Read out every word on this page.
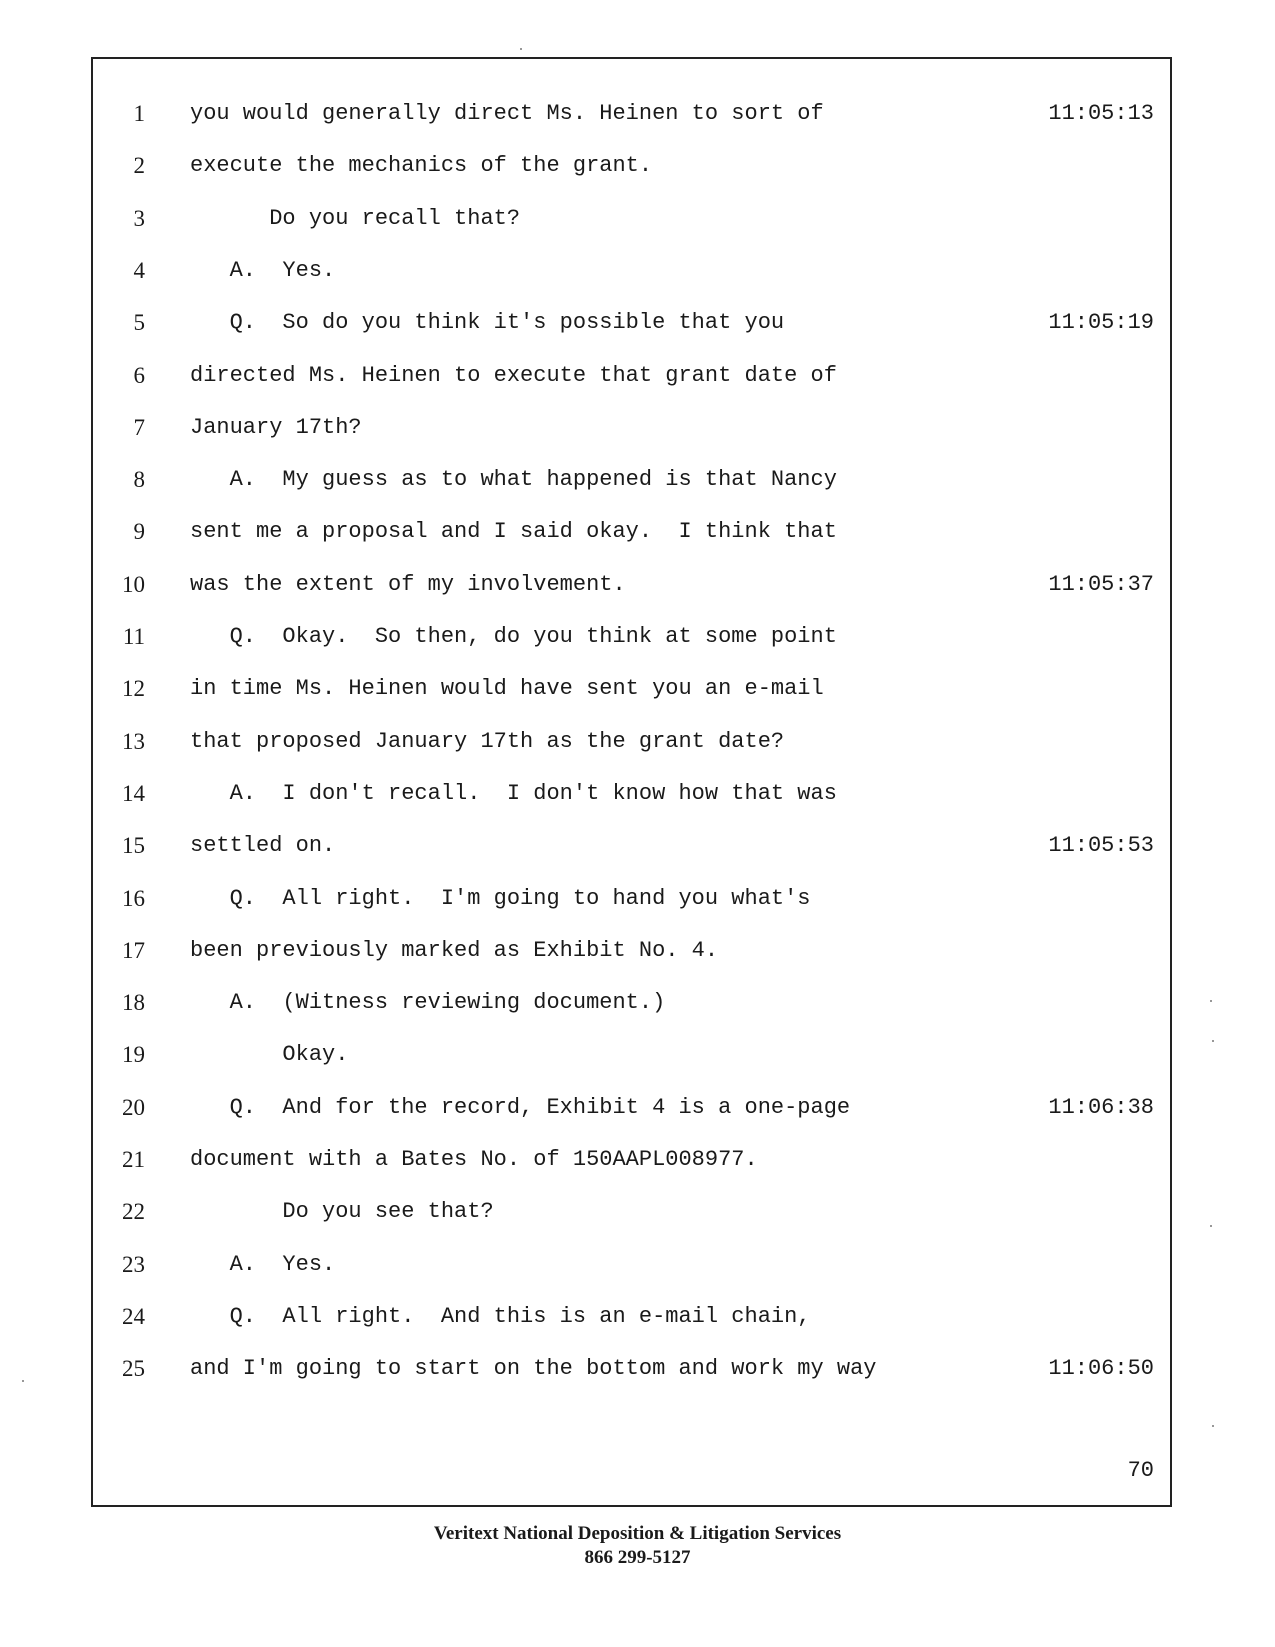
1 you would generally direct Ms. Heinen to sort of	11:05:13
2 execute the mechanics of the grant.
3 Do you recall that?
4 A.  Yes.
5 Q.  So do you think it's possible that you	11:05:19
6 directed Ms. Heinen to execute that grant date of
7 January 17th?
8 A.  My guess as to what happened is that Nancy
9 sent me a proposal and I said okay.  I think that
10 was the extent of my involvement.	11:05:37
11 Q.  Okay.  So then, do you think at some point
12 in time Ms. Heinen would have sent you an e-mail
13 that proposed January 17th as the grant date?
14 A.  I don't recall.  I don't know how that was
15 settled on.	11:05:53
16 Q.  All right.  I'm going to hand you what's
17 been previously marked as Exhibit No. 4.
18 A.  (Witness reviewing document.)
19 Okay.
20 Q.  And for the record, Exhibit 4 is a one-page	11:06:38
21 document with a Bates No. of 150AAPL008977.
22 Do you see that?
23 A.  Yes.
24 Q.  All right.  And this is an e-mail chain,
25 and I'm going to start on the bottom and work my way	11:06:50
70
Veritext National Deposition & Litigation Services
866 299-5127
